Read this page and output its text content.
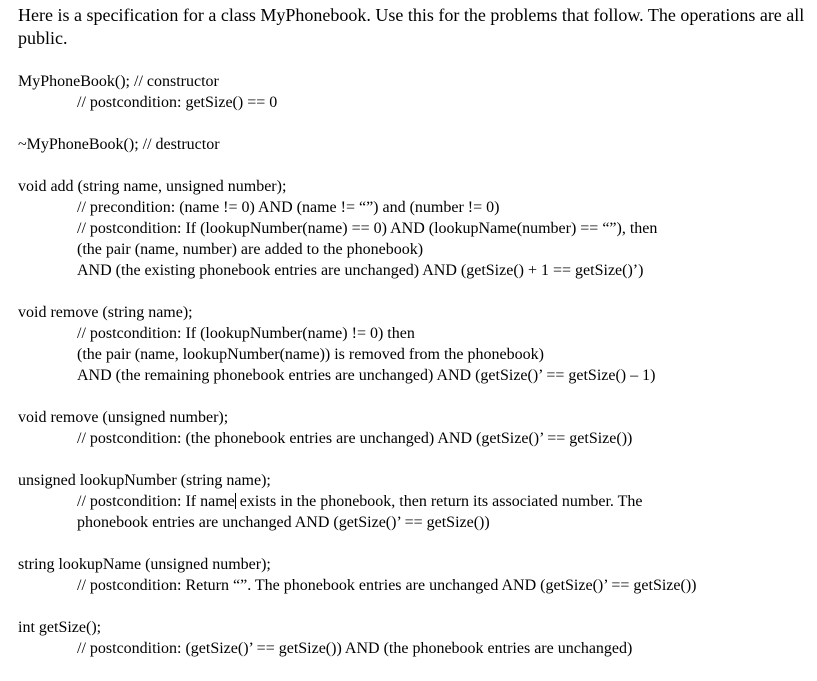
Here is a specification for a class MyPhonebook. Use this for the problems that follow. The operations are all public.

MyPhoneBook(); // constructor
// postcondition: getSize() == 0
~MyPhoneBook(); // destructor
void add (string name, unsigned number);
// precondition: (name != 0) AND (name != “”) and (number != 0)
// postcondition: If (lookupNumber(name) == 0) AND (lookupName(number) == “”), then
(the pair (name, number) are added to the phonebook)
AND (the existing phonebook entries are unchanged) AND (getSize() + 1 == getSize()’)
void remove (string name);
// postcondition: If (lookupNumber(name) != 0) then
(the pair (name, lookupNumber(name)) is removed from the phonebook)
AND (the remaining phonebook entries are unchanged) AND (getSize()’ == getSize() – 1)
void remove (unsigned number);
// postcondition: (the phonebook entries are unchanged) AND (getSize()’ == getSize())
unsigned lookupNumber (string name);
// postcondition: If name exists in the phonebook, then return its associated number. The
phonebook entries are unchanged AND (getSize()’ == getSize())
string lookupName (unsigned number);
// postcondition: Return “”. The phonebook entries are unchanged AND (getSize()’ == getSize())
int getSize();
// postcondition: (getSize()’ == getSize()) AND (the phonebook entries are unchanged)
